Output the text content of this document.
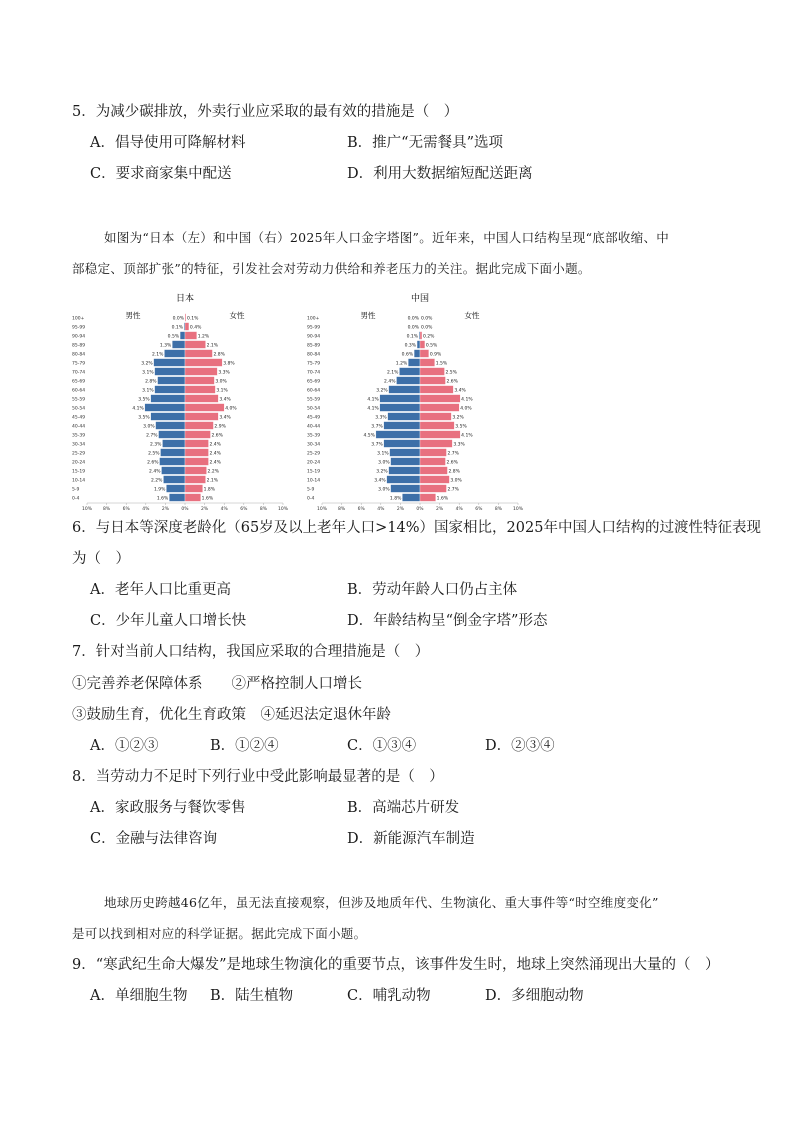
5．为减少碳排放，外卖行业应采取的最有效的措施是（　）
A．倡导使用可降解材料	B．推广“无需餐具”选项
C．要求商家集中配送	D．利用大数据缩短配送距离
如图为“日本（左）和中国（右）2025年人口金字塔图”。近年来，中国人口结构呈现“底部收缩、中
部稳定、顶部扩张”的特征，引发社会对劳动力供给和养老压力的关注。据此完成下面小题。
日本
男性	女性
100+	0.0% 0.1%
95-99	0.1% 0.4%
90-94	0.5%	1.2%
85-89	1.3%	2.1%
80-84	2.1%	2.8%
75-79	3.2%	3.8%
70-74	3.1%	3.3%
65-69	2.8%	3.0%
60-64	3.1%	3.1%
55-59	3.5%	3.4%
50-54	4.1%	4.0%
45-49	3.5%	3.4%
40-44	3.0%	2.9%
35-39	2.7%	2.6%
30-34	2.3%	2.4%
25-29	2.5%	2.4%
20-24	2.6%	2.4%
15-19	2.4%	2.2%
10-14	2.2%	2.1%
5-9	1.9%	1.8%
0-4	1.6%	1.6%
10% 8%	6%	4%	2%	0%	2%	4%	6%	8% 10%
中国
男性	女性
100+	0.0% 0.0%
95-99	0.0% 0.0%
90-94	0.1% 0.2%
85-89	0.3% 0.5%
80-84	0.6%	0.9%
75-79	1.2%	1.5%
70-74	2.1%	2.5%
65-69	2.4%	2.6%
60-64	3.2%	3.4%
55-59	4.1%	4.1%
50-54	4.1%	4.0%
45-49	3.3%	3.2%
40-44	3.7%	3.5%
35-39	4.5%	4.1%
30-34	3.7%	3.3%
25-29	3.1%	2.7%
20-24	3.0%	2.6%
15-19	3.2%	2.8%
10-14	3.4%	3.0%
5-9	3.0%	2.7%
0-4	1.8%	1.6%
10% 8%	6%	4%	2%	0%	2%	4%	6%	8% 10%
6．与日本等深度老龄化（65岁及以上老年人口>14%）国家相比，2025年中国人口结构的过渡性特征表现
为（　）
A．老年人口比重更高	B．劳动年龄人口仍占主体
C．少年儿童人口增长快	D．年龄结构呈“倒金字塔”形态
7．针对当前人口结构，我国应采取的合理措施是（　）
①完善养老保障体系　　②严格控制人口增长
③鼓励生育，优化生育政策　④延迟法定退休年龄
A．①②③	B．①②④	C．①③④	D．②③④
8．当劳动力不足时下列行业中受此影响最显著的是（　）
A．家政服务与餐饮零售	B．高端芯片研发
C．金融与法律咨询	D．新能源汽车制造
地球历史跨越46亿年，虽无法直接观察，但涉及地质年代、生物演化、重大事件等“时空维度变化”
是可以找到相对应的科学证据。据此完成下面小题。
9．“寒武纪生命大爆发”是地球生物演化的重要节点，该事件发生时，地球上突然涌现出大量的（　）
A．单细胞生物 B．陆生植物	C．哺乳动物	D．多细胞动物
